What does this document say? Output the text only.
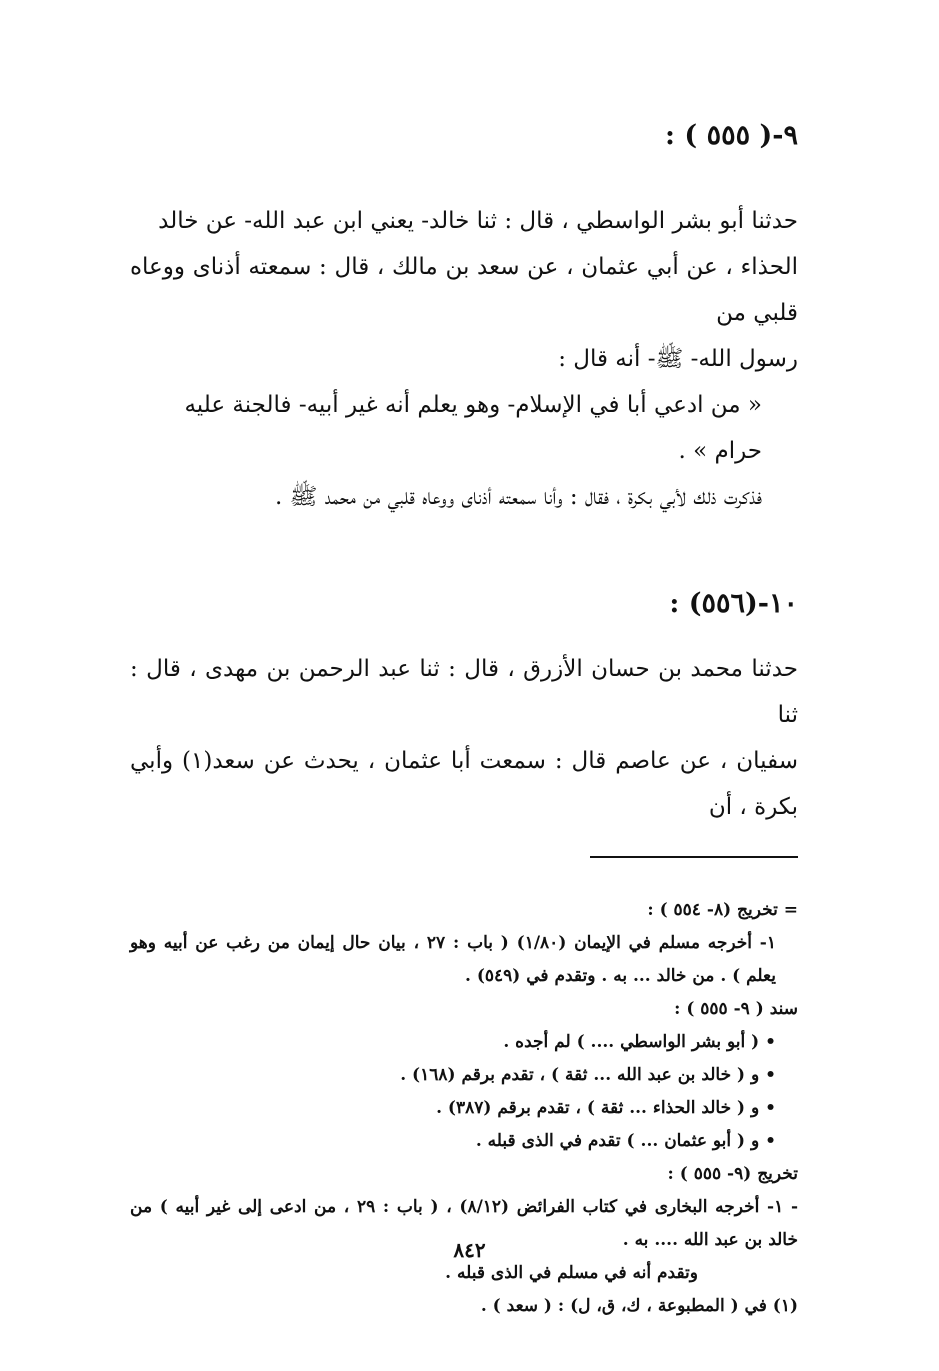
٩-( ٥٥٥ ) :

حدثنا أبو بشر الواسطي ، قال : ثنا خالد- يعني ابن عبد الله- عن خالد

الحذاء ، عن أبي عثمان ، عن سعد بن مالك ، قال : سمعته أذناى ووعاه قلبي من

رسول الله- ﷺ- أنه قال :

« من ادعي أبا في الإسلام- وهو يعلم أنه غير أبيه- فالجنة عليه حرام » .

فذكرت ذلك لأبي بكرة ، فقال : وأنا سمعته أذناى ووعاه قلبي من محمد ﷺ .

١٠-(٥٥٦) :

حدثنا محمد بن حسان الأزرق ، قال : ثنا عبد الرحمن بن مهدى ، قال : ثنا

سفيان ، عن عاصم قال : سمعت أبا عثمان ، يحدث عن سعد(١) وأبي بكرة ، أن

= تخريج (٨- ٥٥٤ ) :

١- أخرجه مسلم في الإيمان (١/٨٠) ( باب : ٢٧ ، بيان حال إيمان من رغب عن أبيه وهو يعلم ) . من خالد ... به . وتقدم في (٥٤٩) .

سند ( ٩- ٥٥٥ ) :

• ( أبو بشر الواسطي .... ) لم أجده .

• و ( خالد بن عبد الله ... ثقة ) ، تقدم برقم (١٦٨) .

• و ( خالد الحذاء ... ثقة ) ، تقدم برقم (٣٨٧) .

• و ( أبو عثمان ... ) تقدم في الذى قبله .

تخريج (٩- ٥٥٥ ) :

- ١- أخرجه البخارى في كتاب الفرائض (٨/١٢) ، ( باب : ٢٩ ، من ادعى إلى غير أبيه ) من خالد بن عبد الله .... به .

وتقدم أنه في مسلم في الذى قبله .

(١) في ( المطبوعة ، ك، ق، ل) : ( سعد ) .

٨٤٢
